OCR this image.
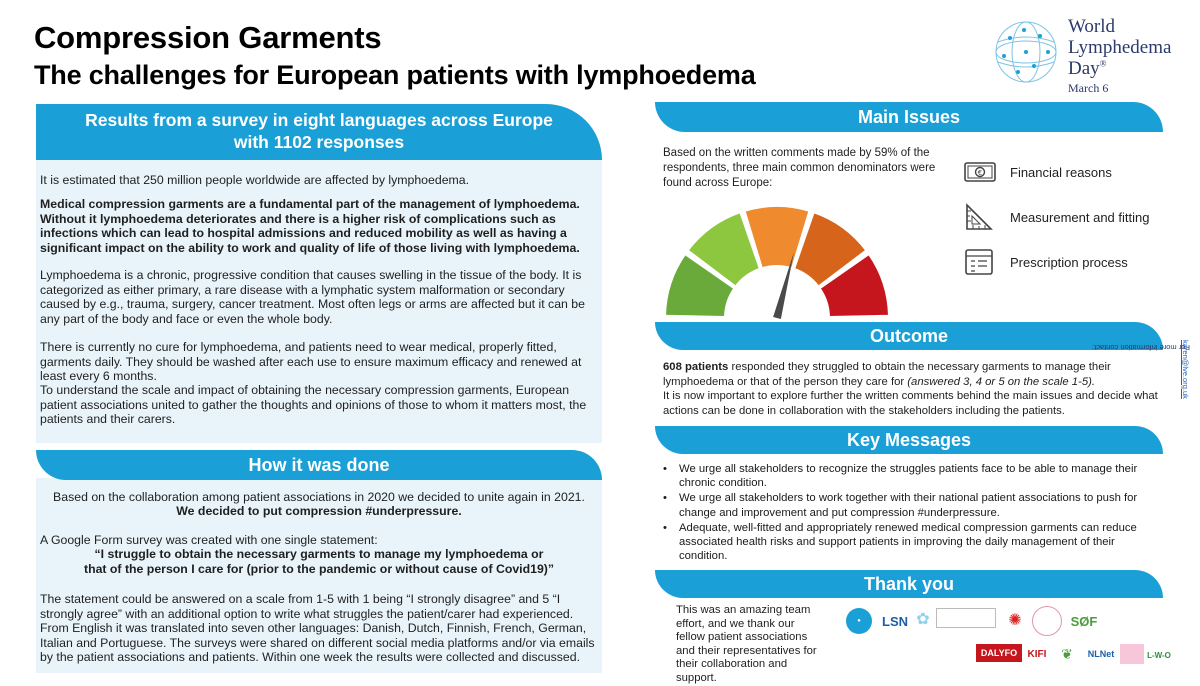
Compression Garments
The challenges for European patients with lymphoedema
World
Lymphedema
Day®
March 6
Results from a survey in eight languages across Europe
with 1102 responses
It is estimated that 250 million people worldwide are affected by lymphoedema.
Medical compression garments are a fundamental part of the management of lymphoedema. Without it lymphoedema deteriorates and there is a higher risk of complications such as infections which can lead to hospital admissions and reduced mobility as well as having a significant impact on the ability to work and quality of life of those living with lymphoedema.
Lymphoedema is a chronic, progressive condition that causes swelling in the tissue of the body. It is categorized as either primary, a rare disease with a lymphatic system malformation or secondary caused by e.g., trauma, surgery, cancer treatment. Most often legs or arms are affected but it can be any part of the body and face or even the whole body.
There is currently no cure for lymphoedema, and patients need to wear medical, properly fitted, garments daily. They should be washed after each use to ensure maximum efficacy and renewed at least every 6 months.
To understand the scale and impact of obtaining the necessary compression garments, European patient associations united to gather the thoughts and opinions of those to whom it matters most, the patients and their carers.
How it was done
Based on the collaboration among patient associations in 2020 we decided to unite again in 2021.
We decided to put compression #underpressure.
A Google Form survey was created with one single statement:
“I struggle to obtain the necessary garments to manage my lymphoedema or
that of the person I care for (prior to the pandemic or without cause of Covid19)”
The statement could be answered on a scale from 1-5 with 1 being “I strongly disagree” and 5 “I strongly agree” with an additional option to write what struggles the patient/carer had experienced. From English it was translated into seven other languages: Danish, Dutch, Finnish, French, German, Italian and Portuguese. The surveys were shared on different social media platforms and/or via emails by the patient associations and patients. Within one week the results were collected and discussed.
Main Issues
Based on the written comments made by 59% of the respondents, three main common denominators were found across Europe:
€ Financial reasons
Measurement and fitting
Prescription process
Outcome
608 patients responded they struggled to obtain the necessary garments to manage their lymphoedema or that of the person they care for (answered 3, 4 or 5 on the scale 1-5).
It is now important to explore further the written comments behind the main issues and decide what actions can be done in collaboration with the stakeholders including the patients.
Key Messages
• We urge all stakeholders to recognize the struggles patients face to be able to manage their chronic condition.
• We urge all stakeholders to work together with their national patient associations to push for change and improvement and put compression #underpressure.
• Adequate, well-fitted and appropriately renewed medical compression garments can reduce associated health risks and support patients in improving the daily management of their condition.
Thank you
This was an amazing team effort, and we thank our fellow patient associations and their representatives for their collaboration and support.
●	LSN ✿	✺	SØF
DALYFO	KIFI	❦	NLNet	L-W-O
For more information contact:
karen@lve.org.uk
